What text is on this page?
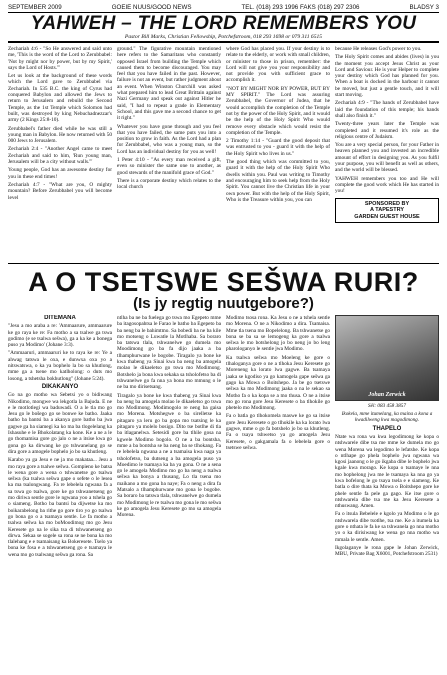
SEPTEMBER 2009	GOEIE NUUS/GOOD NEWS	TEL. (018) 293 1996 FAKS (018) 297 2306	BLADSY 3
YAHWEH – THE LORD REMEMBERS YOU
Pastor Bill Marks, Christian Fellowship, Potchefstroom, 018 293 1698 or 079 311 6515

Zechariah 4:6 - "So He answered and said unto me, 'This is the word of the Lord to Zerubbabel: 'Not by might nor by power, but by my Spirit,' says the Lord of Hosts.'"

Let us look at the background of these words which the Lord gave to Zerubbabel via Zechariah. In 535 B.C. the king of Cyrus had conquered Babylon and allowed the Jews to return to Jerusalem and rebuild the Second Temple, as the 1st Temple which Solomon had built, was destroyed by king Nebuchadnezzar's army (2 Kings 25:8-10).

Zerubbabel's father died while he was still a young man in Babylon. He now returned with 50 000 Jews to Jerusalem.

Zechariah 2:4 - "Another Angel came to meet Zechariah and said to him, 'Run young man, Jerusalem will be a city without walls.'"

Young people, God has an awesome destiny for you in these end times!

Zechariah 4:7 - "What are you, O mighty mountain? Before Zerubbabel you will become level

ground." The figurative mountain mentioned here refers to the Samaritans who constantly opposed Israel from building the Temple which caused them to become discouraged. You may feel that you have failed in the past. However, failure is not an event, but rather judgment about an event. When Winston Churchill was asked what prepared him to lead Great Brittain against Nazi Germany and speak out against Hitler he said, "I had to repeat a grade in Elementary School, and this gave me a second chance to get it right."

Whatever you have gone through and you feel that you have failed, the same puts you into a position to grow in faith. As the Lord had a plan for Zerubbabel, who was a young man, so the Lord has an individual destiny for you as well!

1 Peter 4:10 - "As every man received a gift, even so minister the same one to another, as good stewards of the manifold grace of God."

There is a corporate destiny which relates to the local church

where God has placed you. If your destiny is to relate to the elderly, or work with small children, or minister to those in prison, remember: the Lord will not give you your responsibility and not provide you with sufficient grace to accomplish it.

"NOT BY MIGHT NOR BY POWER, BUT BY MY SPIRIT." The Lord was assuring Zerubbabel, the Governor of Judea, that he would accomplish the completion of the Temple not by the power of the Holy Spirit, and it would be the help of the Holy Spirit Who would remove every obstacle which would resist the completion of the Temple.

2 Timothy 1:14 - "Guard the good deposit that was entrusted to you - guard it with the help of the Holy Spirit who lives in us."

The good thing which was committed to you, guard it with the help of the Holy Spirit Who dwells within you. Paul was writing to Timothy and encouraging him to seek help from the Holy Spirit. You cannot live the Christian life in your own power. But with the help of the Holy Spirit, Who is the Treasure within you, you can

because He releases God's power to you.

The Holy Spirit comes and abides (lives) in you the moment you accept Jesus Christ as your Lord and Saviour. He is your Helper to complete your destiny which God has planned for you. When a boat is docked in the harbour it cannot be moved, but just a gentle touch, and it will start moving.

Zechariah 4:9 - "The hands of Zerubbabel have laid the foundation of this temple; his hands shall also finish it."

Twenty-three years later the Temple was completed and it resumed it's role as the religious centre of Judaism.

You are a very special person, for your Father in heaven planned you and invested an incredible amount of effort in designing you. As you fulfil your purpose, you will benefit as well as others, and the world will be blessed.

YAHWEH remembers you too and He will complete the good work which He has started in you!

SPONSORED BY
A TAPESTRY
GARDEN GUEST HOUSE
A O TSETSWE SEŠWA RURI?
(Is jy regtig nuutgebore?)

DITEMANA

"Jesu a mo araba a re: 'Ammaarure, ammaarure ke go raya ke re: Fa motho a sa tsalwe ga tswa godimo (e se tsalwa sešwa), ga a ka ke a bonega puso ya Modimo' (Johane 3:3).

"Ammaaruri, ammaaruri ke to raya ke re: Ye a ahwag tatswa le oxa, e dunwxa oxa yo a nitswatswa, o ka ya bophelo la bo sa khutlong, mme ga a tsene mo katlholong: o duts mo losong, a tshetsha bokhutlong" (Johane 5:24).

DIKAKANYO

Go na go motho wa Sebetsi yo o bidiwang Nikodimo, mongwe wa lekgotla la Bajuda. E ne e le motlotlegi wa baduwadi. O a le tla mo go Jesu go le bošego go se bonwe ke batho. Jaaka batho ba bantsi ba a akanya gore batho ba jwa gagwe ga ba siamegi ka ko ma ba tlogelelang ka Ishasuhe e le Bhokolatang ka kone. Ke a ne a le go thomamisa gore go jalo o ne a itsise kwa go gona go ka dirwang ke go tshwanelang go se dira gore a amogele bophelo jo bo sa khutleng.

Karabo ya ga Jesu e ne ja mo makataa... Jesu a mo raya gore a tsalwe sešwa. Gompieno ke batsa le wena gore a wena o tshwanetse go tsalwa sešwa (ka tsalwa sešwa gape o sefete o le lesea ka ma tsalongwang. Fa re lebelela ngwana fa a sa tswa go tsalwa, gore ke go tshwanetseng go mo diriwa sentle gore le ngwana yoo a tshela go o siameng. Botho ba bantsi ba dijwetse ka mo boikarabelong ba rithe go gore tiro yo go tsalwa go bona go o a tsamaya sentle. Le fa motho a tsalwa sešwa ka mo boMoodimog mo go Jesu Keresete go na le sika tsa di tshwanetseng go dirwa. Sekaa se sogele sa rona se ne bona ka mo tlalehang e e tsamaisang ka Bokeresete. Tselo ya bona ke fosa e a tshwanetseng go e tsamaya le wena mo go tsalwang sešwa ga rona. Sa

ntlha ba ne ba fuelega go tswa mo Egepeto mme ba itagosopahtsa le Farao le batho ba Egepeto ba ba neng ba le bahimtmo. Sa bobedi ba ne ba kile mo motseng o Luwatle la Motlhaba. Sa boraro ba tatswa tlala, tshwanelwe go dumela mo Moodimong go ba fa dijo jaaka a ba tlhamphurwane le bogobe. Tiragalo ya bone ke kwa thabeng ya Sinai kwa ba neng ba amogela molao le dikaeletso go tswa mo Modimong. Botshelo ja bona kwa sekaka sa tsholofetso ba di tshwanelwe go fa nna ya bona mo mmung o le ne ba mo dirisetsang.

Tiragalo ya bone ke kwa thabeng ya Sinai kwa ba neng ba amogela molao le dikaeletso go tswa mo Modimong. Modimogolo re neng ba gaisa mo Morena. Motshegwe o ba sirelletse ka pitagaro ya leru go ba gopa mo tsatsing le ka pitagaro ya molelo bosigo. Dito tse botlhe di tla ba itlaganelwa. Setesidi gore ba tlhile gosa na kgwele Modimo bogolo. O ne a ba bontsha, mme a ba bontsha se ba neng ba se tlhokang. Fa re lebelela ngwana a ne a tsamaisa kwa naga ya tsholofetso, ba dutseng a ba amogela puso ya Moedimo le tsamaya ka ba ya gona. O ne a sena go le amogela Modimo mo go ba neng a tsalwa sešwa ka bonya a thusang, Lo tla tsena mo maikano a mo gona ba naye; Fa o neng a dira fa Matsalo a tlhamphurwane mo gona le bogobe. Sa boraro ba tatswa tlala, tshwanelwe go dumela mo Modimong le re tsalwa mo gona le mo sešwa ke go amogela Jesu Keresete go mo sa amogela Morena.

Modimo tsosa rona. Ka Jesu o ne a tshela sentle mo Morena. O ne a Nikodimo a dira. Tsamaisa. Mme tla tsena mo Bopelelong. Ba tshwanetse go bona se ba sa se lemogeng ka gore a tsalwa sešwa le mo botshelong jo bo neng jo bo leng pharologanyo le sentle jwa Modimo.

Ka tsalwa sešwa mo Moeleng ke gore o tlhaloganya gore o ne a tlhoka Jesu Keresete go Moreneng ka lorato lwa gagwe. Ba tsamaya jaaka se kgodiso ya go kamogela gape sešwa ga gago ka Mowa o Boitshepo. Ja be go tsetswe sešwa ka mo Modimong jaaka o na le sekao sa Motho fa o ka kopa se a mo thusa. O ne a itsise mo go rona gore Jesu Keresete o ba tlhokile go phetelo mo Modimong.

Fa o batla go tlhokomela maswe ke go sa itsise gore Jesu Keresete o go tlhokile ka ka lorato lwa gagwe, mme o go fa botshelo jo bo sa khutleng. Fa o tsaya tshwetso ya go amogela Jesu Keresete, o gakgamala fa o lebelela gore o tsetswe sešwa.

Johan Zerwick
Sêl: 083 458 3857
Ikokela, mme itumelang, ka maina a kona a kwadilweng kwa magodimong.

THAPELO

Ntate wa rona wa kwa legodimong ke kopa o ntshwarele dibe tsa me mme ke dumela mo go wena Morena wa legodimo le lefatshe. Ke kopa o ntlhape go phela bophelo jwa ngwana wa kgosi jaanong o le go ikgaba dibe le bophelo jwa kgale kwa morago. Ke kopa o tsamaye le nna mo bophelong jwa me le tsamaya ka nna go ya kwa bofelong le go tsaya tsela e e siameng. Ke batla o dire thata ka Mowa o Boitshepo gore ke phele sentle fa pele ga gago. Ke itse gore o ntshwarela dibe tsa me ka Jesu Keresete a nthuswang. Amen.

Fa o itsula Bebelele e kgolo ya Modimo o le go ntshwarela dibe tsotlhe, tsa me. Ke a itumela ka gore o nthata le fa ke sa tshwanela go nna motho yo o ka dirisiwang ke wena go nna motho wa mmala le sentle. Amen.

Ikgolaganye le rona gape le Johan Zerwick, MBU, Private Bag X6001, Potchefstroom 2531)
